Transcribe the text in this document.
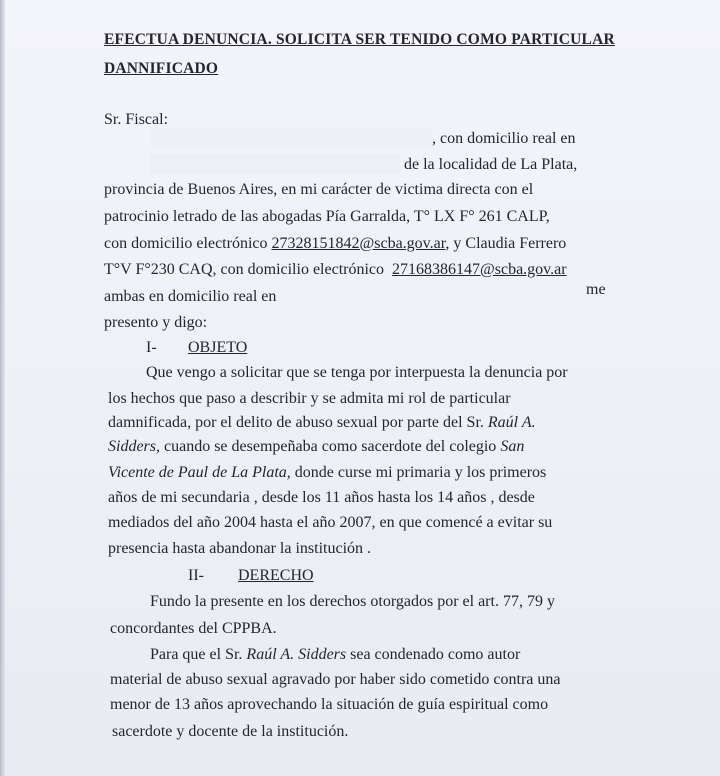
EFECTUA DENUNCIA. SOLICITA SER TENIDO COMO PARTICULAR
DANNIFICADO
Sr. Fiscal:
, con domicilio real en
de la localidad de La Plata,
provincia de Buenos Aires, en mi carácter de victima directa con el
patrocinio letrado de las abogadas Pía Garralda, T° LX F° 261 CALP,
con domicilio electrónico 27328151842@scba.gov.ar, y Claudia Ferrero
T°V F°230 CAQ, con domicilio electrónico 27168386147@scba.gov.ar
ambas en domicilio real en	me
presento y digo:
I- OBJETO
Que vengo a solicitar que se tenga por interpuesta la denuncia por
los hechos que paso a describir y se admita mi rol de particular
damnificada, por el delito de abuso sexual por parte del Sr. Raúl A.
Sidders, cuando se desempeñaba como sacerdote del colegio San
Vicente de Paul de La Plata, donde curse mi primaria y los primeros
años de mi secundaria , desde los 11 años hasta los 14 años , desde
mediados del año 2004 hasta el año 2007, en que comencé a evitar su
presencia hasta abandonar la institución .
II- DERECHO
Fundo la presente en los derechos otorgados por el art. 77, 79 y
concordantes del CPPBA.
Para que el Sr. Raúl A. Sidders sea condenado como autor
material de abuso sexual agravado por haber sido cometido contra una
menor de 13 años aprovechando la situación de guía espiritual como
sacerdote y docente de la institución.
